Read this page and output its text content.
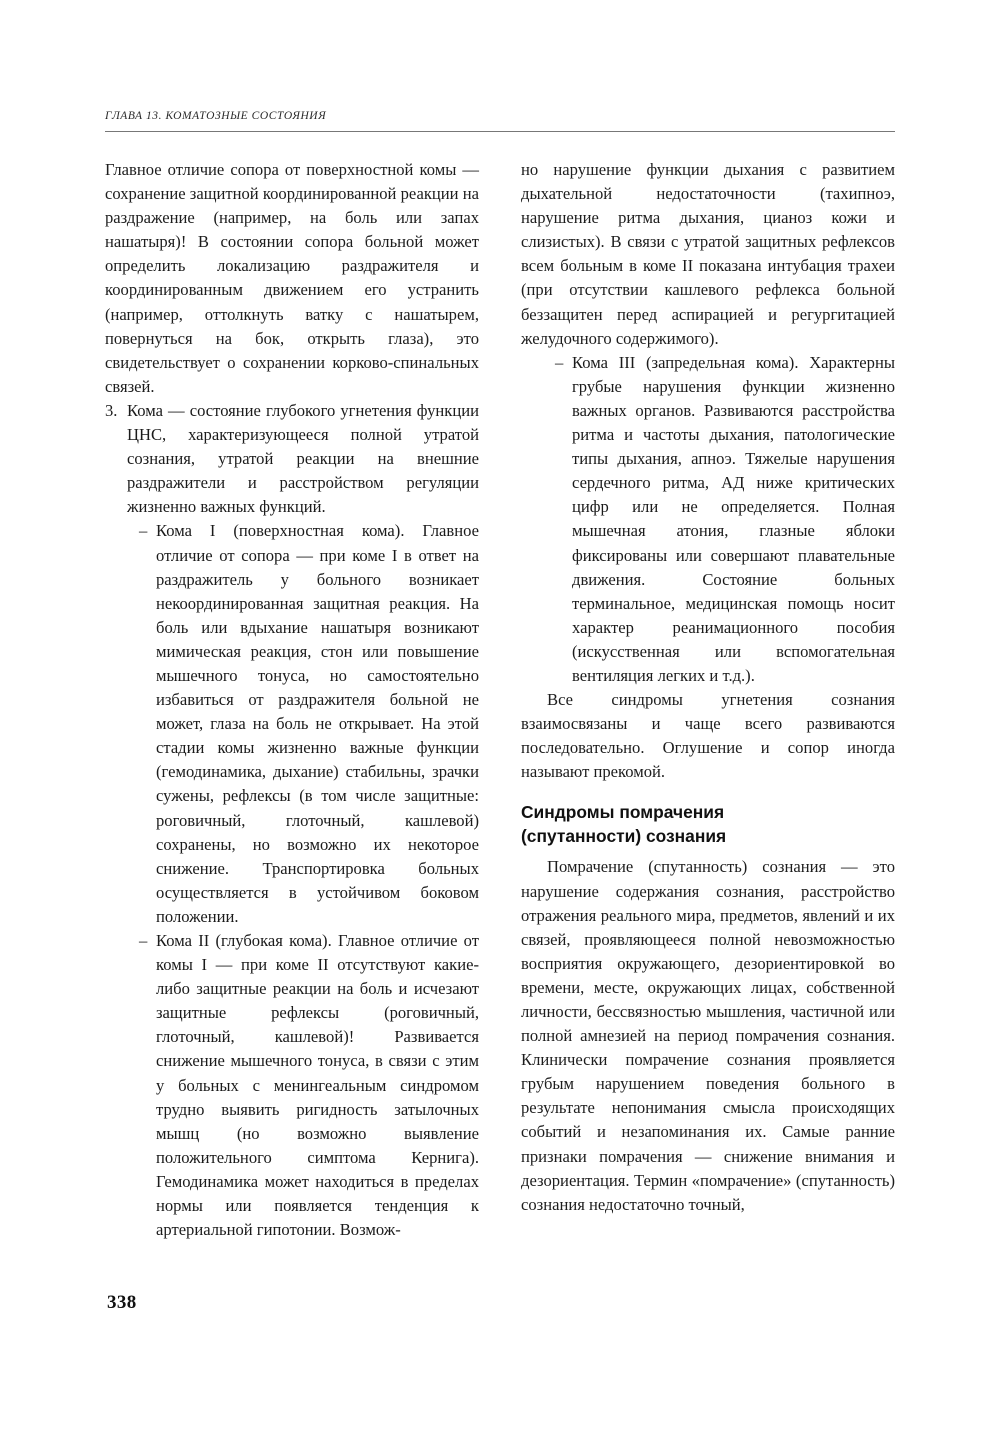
ГЛАВА 13. КОМАТОЗНЫЕ СОСТОЯНИЯ

Главное отличие сопора от поверхностной комы — сохранение защитной координированной реакции на раздражение (например, на боль или запах нашатыря)! В состоянии сопора больной может определить локализацию раздражителя и координированным движением его устранить (например, оттолкнуть ватку с нашатырем, повернуться на бок, открыть глаза), это свидетельствует о сохранении корково-спинальных связей.

3. Кома — состояние глубокого угнетения функции ЦНС, характеризующееся полной утратой сознания, утратой реакции на внешние раздражители и расстройством регуляции жизненно важных функций.
– Кома I (поверхностная кома). Главное отличие от сопора — при коме I в ответ на раздражитель у больного возникает некоординированная защитная реакция. На боль или вдыхание нашатыря возникают мимическая реакция, стон или повышение мышечного тонуса, но самостоятельно избавиться от раздражителя больной не может, глаза на боль не открывает. На этой стадии комы жизненно важные функции (гемодинамика, дыхание) стабильны, зрачки сужены, рефлексы (в том числе защитные: роговичный, глоточный, кашлевой) сохранены, но возможно их некоторое снижение. Транспортировка больных осуществляется в устойчивом боковом положении.
– Кома II (глубокая кома). Главное отличие от комы I — при коме II отсутствуют какие-либо защитные реакции на боль и исчезают защитные рефлексы (роговичный, глоточный, кашлевой)! Развивается снижение мышечного тонуса, в связи с этим у больных с менингеальным синдромом трудно выявить ригидность затылочных мышц (но возможно выявление положительного симптома Кернига). Гемодинамика может находиться в пределах нормы или появляется тенденция к артериальной гипотонии. Возмож-

но нарушение функции дыхания с развитием дыхательной недостаточности (тахипноэ, нарушение ритма дыхания, цианоз кожи и слизистых). В связи с утратой защитных рефлексов всем больным в коме II показана интубация трахеи (при отсутствии кашлевого рефлекса больной беззащитен перед аспирацией и регургитацией желудочного содержимого).

– Кома III (запредельная кома). Характерны грубые нарушения функции жизненно важных органов. Развиваются расстройства ритма и частоты дыхания, патологические типы дыхания, апноэ. Тяжелые нарушения сердечного ритма, АД ниже критических цифр или не определяется. Полная мышечная атония, глазные яблоки фиксированы или совершают плавательные движения. Состояние больных терминальное, медицинская помощь носит характер реанимационного пособия (искусственная или вспомогательная вентиляция легких и т.д.).

Все синдромы угнетения сознания взаимосвязаны и чаще всего развиваются последовательно. Оглушение и сопор иногда называют прекомой.

Синдромы помрачения
(спутанности) сознания

Помрачение (спутанность) сознания — это нарушение содержания сознания, расстройство отражения реального мира, предметов, явлений и их связей, проявляющееся полной невозможностью восприятия окружающего, дезориентировкой во времени, месте, окружающих лицах, собственной личности, бессвязностью мышления, частичной или полной амнезией на период помрачения сознания. Клинически помрачение сознания проявляется грубым нарушением поведения больного в результате непонимания смысла происходящих событий и незапоминания их. Самые ранние признаки помрачения — снижение внимания и дезориентация. Термин «помрачение» (спутанность) сознания недостаточно точный,

338
